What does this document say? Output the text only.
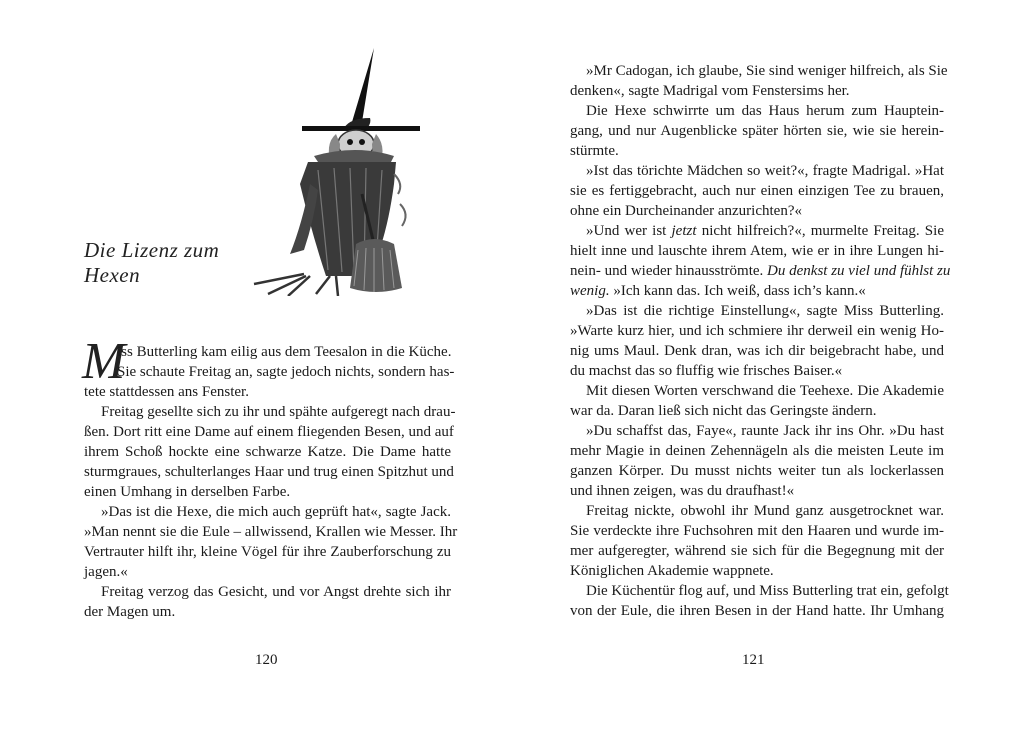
Die Lizenz zum
Hexen
M
iss Butterling kam eilig aus dem Teesalon in die Küche.
Sie schaute Freitag an, sagte jedoch nichts, sondern has-
tete stattdessen ans Fenster.
Freitag gesellte sich zu ihr und spähte aufgeregt nach drau-
ßen. Dort ritt eine Dame auf einem fliegenden Besen, und auf
ihrem Schoß hockte eine schwarze Katze. Die Dame hatte
sturmgraues, schulterlanges Haar und trug einen Spitzhut und
einen Umhang in derselben Farbe.
»Das ist die Hexe, die mich auch geprüft hat«, sagte Jack.
»Man nennt sie die Eule – allwissend, Krallen wie Messer. Ihr
Vertrauter hilft ihr, kleine Vögel für ihre Zauberforschung zu
jagen.«
Freitag verzog das Gesicht, und vor Angst drehte sich ihr
der Magen um.
120
»Mr Cadogan, ich glaube, Sie sind weniger hilfreich, als Sie
denken«, sagte Madrigal vom Fenstersims her.
Die Hexe schwirrte um das Haus herum zum Hauptein-
gang, und nur Augenblicke später hörten sie, wie sie herein-
stürmte.
»Ist das törichte Mädchen so weit?«, fragte Madrigal. »Hat
sie es fertiggebracht, auch nur einen einzigen Tee zu brauen,
ohne ein Durcheinander anzurichten?«
»Und wer ist jetzt nicht hilfreich?«, murmelte Freitag. Sie
hielt inne und lauschte ihrem Atem, wie er in ihre Lungen hi-
nein- und wieder hinausströmte. Du denkst zu viel und fühlst zu
wenig. »Ich kann das. Ich weiß, dass ich’s kann.«
»Das ist die richtige Einstellung«, sagte Miss Butterling.
»Warte kurz hier, und ich schmiere ihr derweil ein wenig Ho-
nig ums Maul. Denk dran, was ich dir beigebracht habe, und
du machst das so fluffig wie frisches Baiser.«
Mit diesen Worten verschwand die Teehexe. Die Akademie
war da. Daran ließ sich nicht das Geringste ändern.
»Du schaffst das, Faye«, raunte Jack ihr ins Ohr. »Du hast
mehr Magie in deinen Zehennägeln als die meisten Leute im
ganzen Körper. Du musst nichts weiter tun als lockerlassen
und ihnen zeigen, was du draufhast!«
Freitag nickte, obwohl ihr Mund ganz ausgetrocknet war.
Sie verdeckte ihre Fuchsohren mit den Haaren und wurde im-
mer aufgeregter, während sie sich für die Begegnung mit der
Königlichen Akademie wappnete.
Die Küchentür flog auf, und Miss Butterling trat ein, gefolgt
von der Eule, die ihren Besen in der Hand hatte. Ihr Umhang
121
